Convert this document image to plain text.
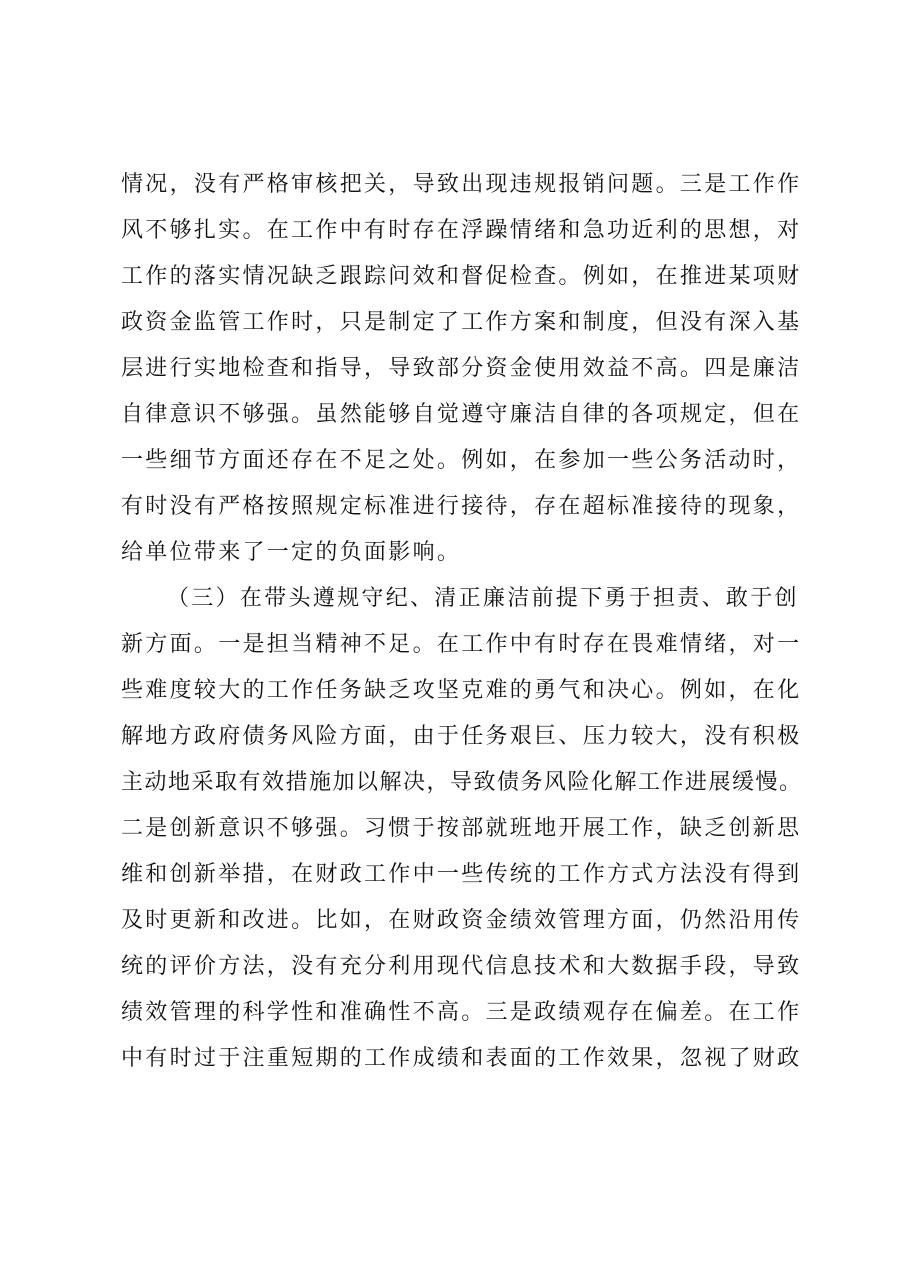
情况，没有严格审核把关，导致出现违规报销问题。三是工作作
风不够扎实。在工作中有时存在浮躁情绪和急功近利的思想，对
工作的落实情况缺乏跟踪问效和督促检查。例如，在推进某项财
政资金监管工作时，只是制定了工作方案和制度，但没有深入基
层进行实地检查和指导，导致部分资金使用效益不高。四是廉洁
自律意识不够强。虽然能够自觉遵守廉洁自律的各项规定，但在
一些细节方面还存在不足之处。例如，在参加一些公务活动时，
有时没有严格按照规定标准进行接待，存在超标准接待的现象，
给单位带来了一定的负面影响。
（三）在带头遵规守纪、清正廉洁前提下勇于担责、敢于创
新方面。一是担当精神不足。在工作中有时存在畏难情绪，对一
些难度较大的工作任务缺乏攻坚克难的勇气和决心。例如，在化
解地方政府债务风险方面，由于任务艰巨、压力较大，没有积极
主动地采取有效措施加以解决，导致债务风险化解工作进展缓慢。
二是创新意识不够强。习惯于按部就班地开展工作，缺乏创新思
维和创新举措，在财政工作中一些传统的工作方式方法没有得到
及时更新和改进。比如，在财政资金绩效管理方面，仍然沿用传
统的评价方法，没有充分利用现代信息技术和大数据手段，导致
绩效管理的科学性和准确性不高。三是政绩观存在偏差。在工作
中有时过于注重短期的工作成绩和表面的工作效果，忽视了财政
